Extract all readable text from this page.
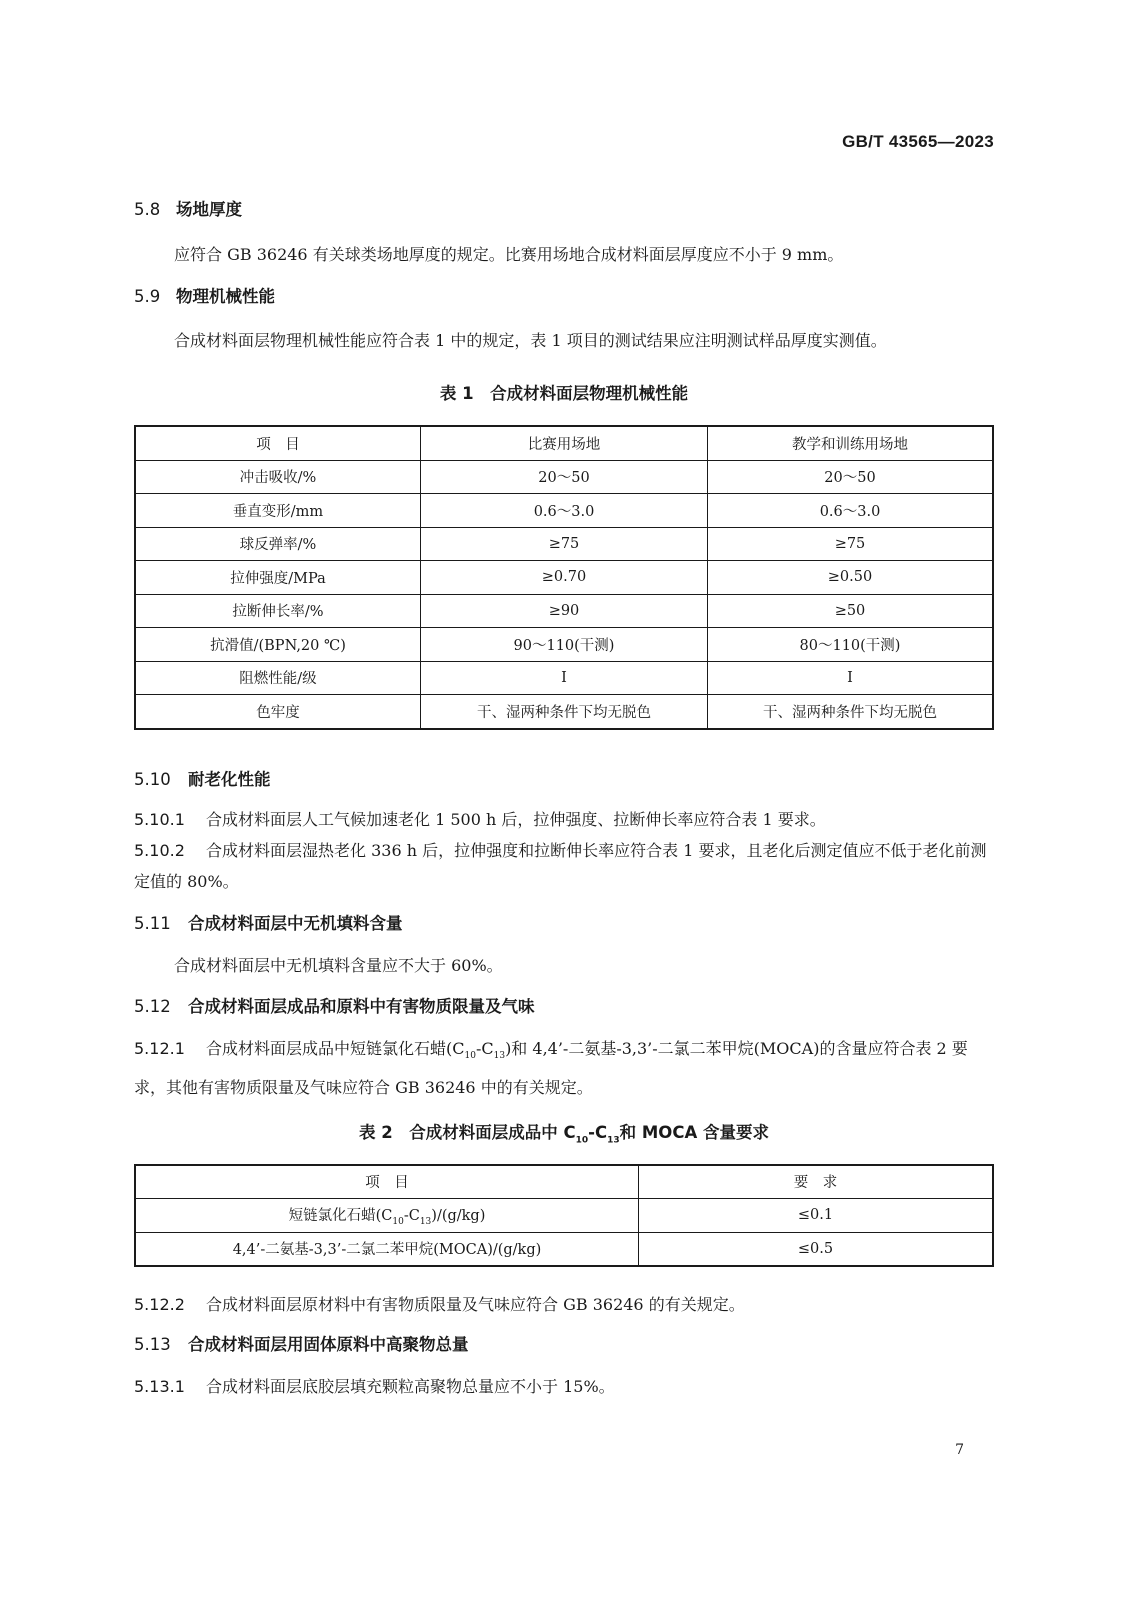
GB/T 43565—2023
5.8 场地厚度

应符合 GB 36246 有关球类场地厚度的规定。比赛用场地合成材料面层厚度应不小于 9 mm。

5.9 物理机械性能

合成材料面层物理机械性能应符合表 1 中的规定，表 1 项目的测试结果应注明测试样品厚度实测值。

表 1　合成材料面层物理机械性能
项　目	比赛用场地	教学和训练用场地
冲击吸收/%	20～50	20～50
垂直变形/mm	0.6～3.0	0.6～3.0
球反弹率/%	≥75	≥75
拉伸强度/MPa	≥0.70	≥0.50
拉断伸长率/%	≥90	≥50
抗滑值/(BPN,20 ℃)	90～110(干测)	80～110(干测)
阻燃性能/级	Ⅰ	Ⅰ
色牢度	干、湿两种条件下均无脱色	干、湿两种条件下均无脱色
5.10 耐老化性能

5.10.1 合成材料面层人工气候加速老化 1 500 h 后，拉伸强度、拉断伸长率应符合表 1 要求。

5.10.2 合成材料面层湿热老化 336 h 后，拉伸强度和拉断伸长率应符合表 1 要求，且老化后测定值应不低于老化前测定值的 80%。

5.11 合成材料面层中无机填料含量

合成材料面层中无机填料含量应不大于 60%。

5.12 合成材料面层成品和原料中有害物质限量及气味

5.12.1 合成材料面层成品中短链氯化石蜡$(C_{10}-C_{13})$和 4,4’-二氨基-3,3’-二氯二苯甲烷(MOCA)的含量应符合表 2 要求，其他有害物质限量及气味应符合 GB 36246 中的有关规定。

表 2　合成材料面层成品中 $C_{10}-C_{13}$和 MOCA 含量要求
项　目	要　求
短链氯化石蜡$(C_{10}-C_{13})/(g/kg)$	≤0.1
4,4’-二氨基-3,3’-二氯二苯甲烷(MOCA)/(g/kg)	≤0.5

5.12.2 合成材料面层原材料中有害物质限量及气味应符合 GB 36246 的有关规定。

5.13 合成材料面层用固体原料中高聚物总量

5.13.1 合成材料面层底胶层填充颗粒高聚物总量应不小于 15%。

7
